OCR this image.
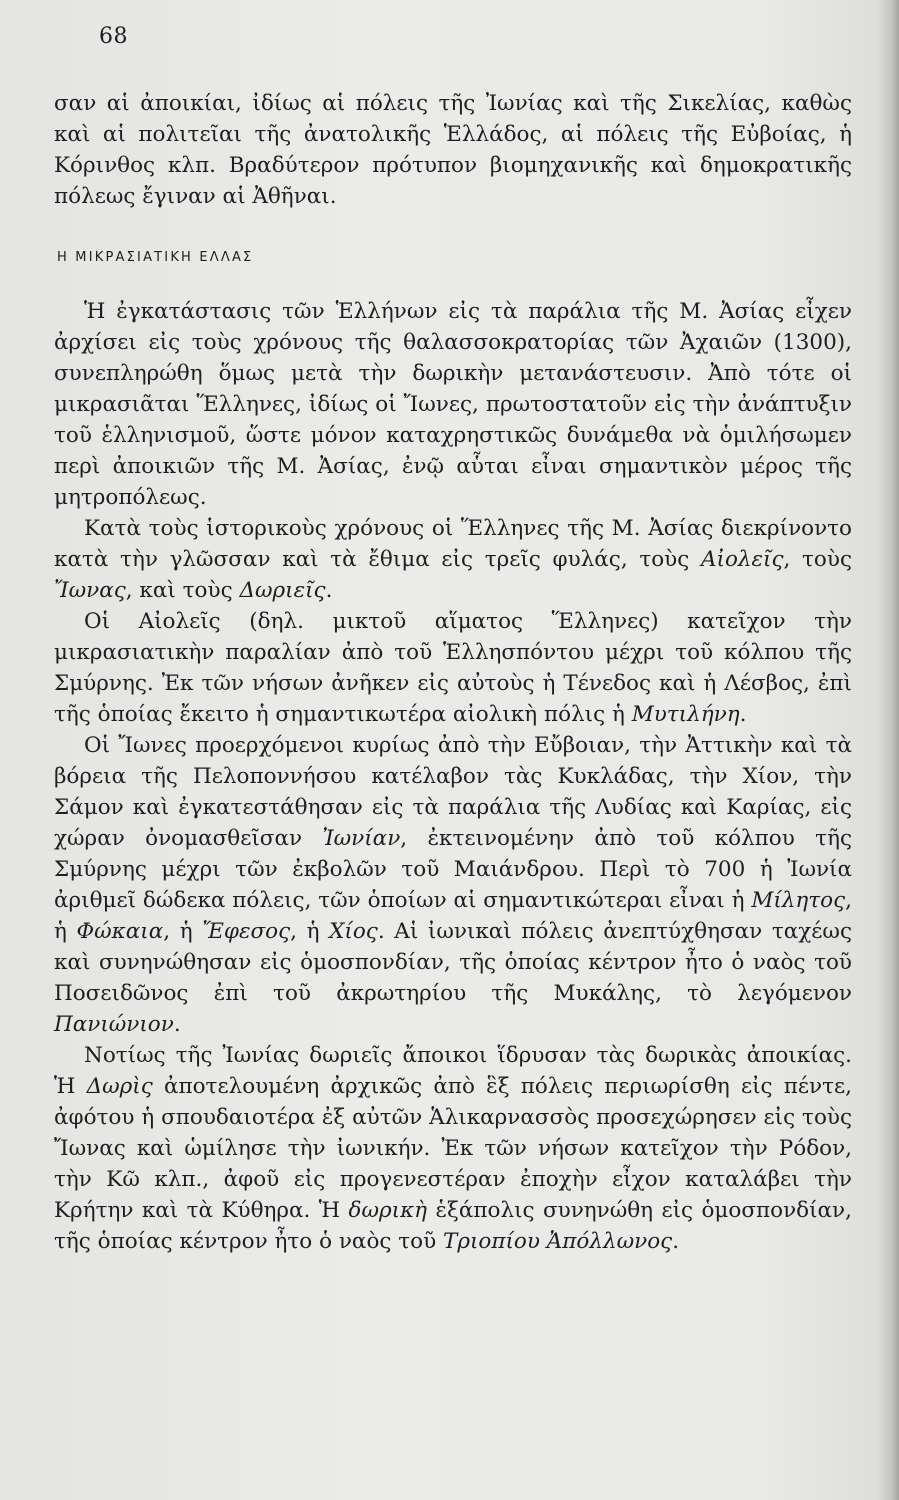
68

σαν αἱ ἀποικίαι, ἰδίως αἱ πόλεις τῆς Ἰωνίας καὶ τῆς Σικελίας, καθὼς καὶ αἱ πολιτεῖαι τῆς ἀνατολικῆς Ἑλλάδος, αἱ πόλεις τῆς Εὐβοίας, ἡ Κόρινθος κλπ. Βραδύτερον πρότυπον βιομηχανικῆς καὶ δημοκρατικῆς πόλεως ἔγιναν αἱ Ἀθῆναι.

Η ΜΙΚΡΑΣΙΑΤΙΚΗ ΕΛΛΑΣ

Ἡ ἐγκατάστασις τῶν Ἑλλήνων εἰς τὰ παράλια τῆς Μ. Ἀσίας εἶχεν ἀρχίσει εἰς τοὺς χρόνους τῆς θαλασσοκρατορίας τῶν Ἀχαιῶν (1300), συνεπληρώθη ὅμως μετὰ τὴν δωρικὴν μετανάστευσιν. Ἀπὸ τότε οἱ μικρασιᾶται Ἕλληνες, ἰδίως οἱ Ἴωνες, πρωτοστατοῦν εἰς τὴν ἀνάπτυξιν τοῦ ἑλληνισμοῦ, ὥστε μόνον καταχρηστικῶς δυνάμεθα νὰ ὁμιλήσωμεν περὶ ἀποικιῶν τῆς Μ. Ἀσίας, ἐνῷ αὗται εἶναι σημαντικὸν μέρος τῆς μητροπόλεως.

Κατὰ τοὺς ἱστορικοὺς χρόνους οἱ Ἕλληνες τῆς Μ. Ἀσίας διεκρίνοντο κατὰ τὴν γλῶσσαν καὶ τὰ ἔθιμα εἰς τρεῖς φυλάς, τοὺς Αἰολεῖς, τοὺς Ἴωνας, καὶ τοὺς Δωριεῖς.

Οἱ Αἰολεῖς (δηλ. μικτοῦ αἵματος Ἕλληνες) κατεῖχον τὴν μικρασιατικὴν παραλίαν ἀπὸ τοῦ Ἑλλησπόντου μέχρι τοῦ κόλπου τῆς Σμύρνης. Ἐκ τῶν νήσων ἀνῆκεν εἰς αὐτοὺς ἡ Τένεδος καὶ ἡ Λέσβος, ἐπὶ τῆς ὁποίας ἔκειτο ἡ σημαντικωτέρα αἰολικὴ πόλις ἡ Μυτιλήνη.

Οἱ Ἴωνες προερχόμενοι κυρίως ἀπὸ τὴν Εὔβοιαν, τὴν Ἀττικὴν καὶ τὰ βόρεια τῆς Πελοποννήσου κατέλαβον τὰς Κυκλάδας, τὴν Χίον, τὴν Σάμον καὶ ἐγκατεστάθησαν εἰς τὰ παράλια τῆς Λυδίας καὶ Καρίας, εἰς χώραν ὀνομασθεῖσαν Ἰωνίαν, ἐκτεινομένην ἀπὸ τοῦ κόλπου τῆς Σμύρνης μέχρι τῶν ἐκβολῶν τοῦ Μαιάνδρου. Περὶ τὸ 700 ἡ Ἰωνία ἀριθμεῖ δώδεκα πόλεις, τῶν ὁποίων αἱ σημαντικώτεραι εἶναι ἡ Μίλητος, ἡ Φώκαια, ἡ Ἔφεσος, ἡ Χίος. Αἱ ἰωνικαὶ πόλεις ἀνεπτύχθησαν ταχέως καὶ συνηνώθησαν εἰς ὁμοσπονδίαν, τῆς ὁποίας κέντρον ἦτο ὁ ναὸς τοῦ Ποσειδῶνος ἐπὶ τοῦ ἀκρωτηρίου τῆς Μυκάλης, τὸ λεγόμενον Πανιώνιον.

Νοτίως τῆς Ἰωνίας δωριεῖς ἄποικοι ἵδρυσαν τὰς δωρικὰς ἀποικίας. Ἡ Δωρὶς ἀποτελουμένη ἀρχικῶς ἀπὸ ἓξ πόλεις περιωρίσθη εἰς πέντε, ἀφότου ἡ σπουδαιοτέρα ἐξ αὐτῶν Ἁλικαρνασσὸς προσεχώρησεν εἰς τοὺς Ἴωνας καὶ ὡμίλησε τὴν ἰωνικήν. Ἐκ τῶν νήσων κατεῖχον τὴν Ρόδον, τὴν Κῶ κλπ., ἀφοῦ εἰς προγενεστέραν ἐποχὴν εἶχον καταλάβει τὴν Κρήτην καὶ τὰ Κύθηρα. Ἡ δωρικὴ ἑξάπολις συνηνώθη εἰς ὁμοσπονδίαν, τῆς ὁποίας κέντρον ἦτο ὁ ναὸς τοῦ Τριοπίου Ἀπόλλωνος.
